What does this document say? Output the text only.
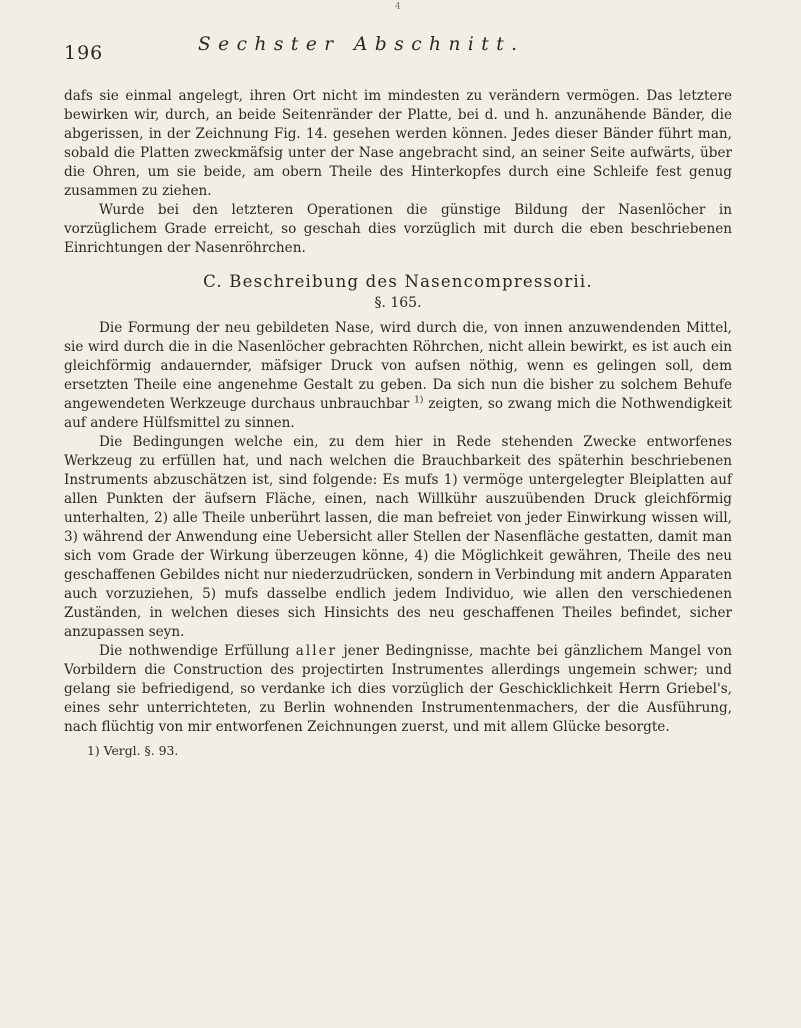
4
196	Sechster Abschnitt.

dafs sie einmal angelegt, ihren Ort nicht im mindesten zu verändern vermögen. Das letztere bewirken wir, durch, an beide Seitenränder der Platte, bei d. und h. anzunähende Bänder, die abgerissen, in der Zeichnung Fig. 14. gesehen werden können. Jedes dieser Bänder führt man, sobald die Platten zweckmäfsig unter der Nase angebracht sind, an seiner Seite aufwärts, über die Ohren, um sie beide, am obern Theile des Hinterkopfes durch eine Schleife fest genug zusammen zu ziehen.

Wurde bei den letzteren Operationen die günstige Bildung der Nasenlöcher in vorzüglichem Grade erreicht, so geschah dies vorzüglich mit durch die eben beschriebenen Einrichtungen der Nasenröhrchen.

C. Beschreibung des Nasencompressorii.
§. 165.

Die Formung der neu gebildeten Nase, wird durch die, von innen anzuwendenden Mittel, sie wird durch die in die Nasenlöcher gebrachten Röhrchen, nicht allein bewirkt, es ist auch ein gleichförmig andauernder, mäfsiger Druck von aufsen nöthig, wenn es gelingen soll, dem ersetzten Theile eine angenehme Gestalt zu geben. Da sich nun die bisher zu solchem Behufe angewendeten Werkzeuge durchaus unbrauchbar $^{1)}$ zeigten, so zwang mich die Nothwendigkeit auf andere Hülfsmittel zu sinnen.

Die Bedingungen welche ein, zu dem hier in Rede stehenden Zwecke entworfenes Werkzeug zu erfüllen hat, und nach welchen die Brauchbarkeit des späterhin beschriebenen Instruments abzuschätzen ist, sind folgende: Es mufs 1) vermöge untergelegter Bleiplatten auf allen Punkten der äufsern Fläche, einen, nach Willkühr auszuübenden Druck gleichförmig unterhalten, 2) alle Theile unberührt lassen, die man befreiet von jeder Einwirkung wissen will, 3) während der Anwendung eine Uebersicht aller Stellen der Nasenfläche gestatten, damit man sich vom Grade der Wirkung überzeugen könne, 4) die Möglichkeit gewähren, Theile des neu geschaffenen Gebildes nicht nur niederzudrücken, sondern in Verbindung mit andern Apparaten auch vorzuziehen, 5) mufs dasselbe endlich jedem Individuo, wie allen den verschiedenen Zuständen, in welchen dieses sich Hinsichts des neu geschaffenen Theiles befindet, sicher anzupassen seyn.

Die nothwendige Erfüllung aller jener Bedingnisse, machte bei gänzlichem Mangel von Vorbildern die Construction des projectirten Instrumentes allerdings ungemein schwer; und gelang sie befriedigend, so verdanke ich dies vorzüglich der Geschicklichkeit Herrn Griebel's, eines sehr unterrichteten, zu Berlin wohnenden Instrumentenmachers, der die Ausführung, nach flüchtig von mir entworfenen Zeichnungen zuerst, und mit allem Glücke besorgte.

1) Vergl. §. 93.
